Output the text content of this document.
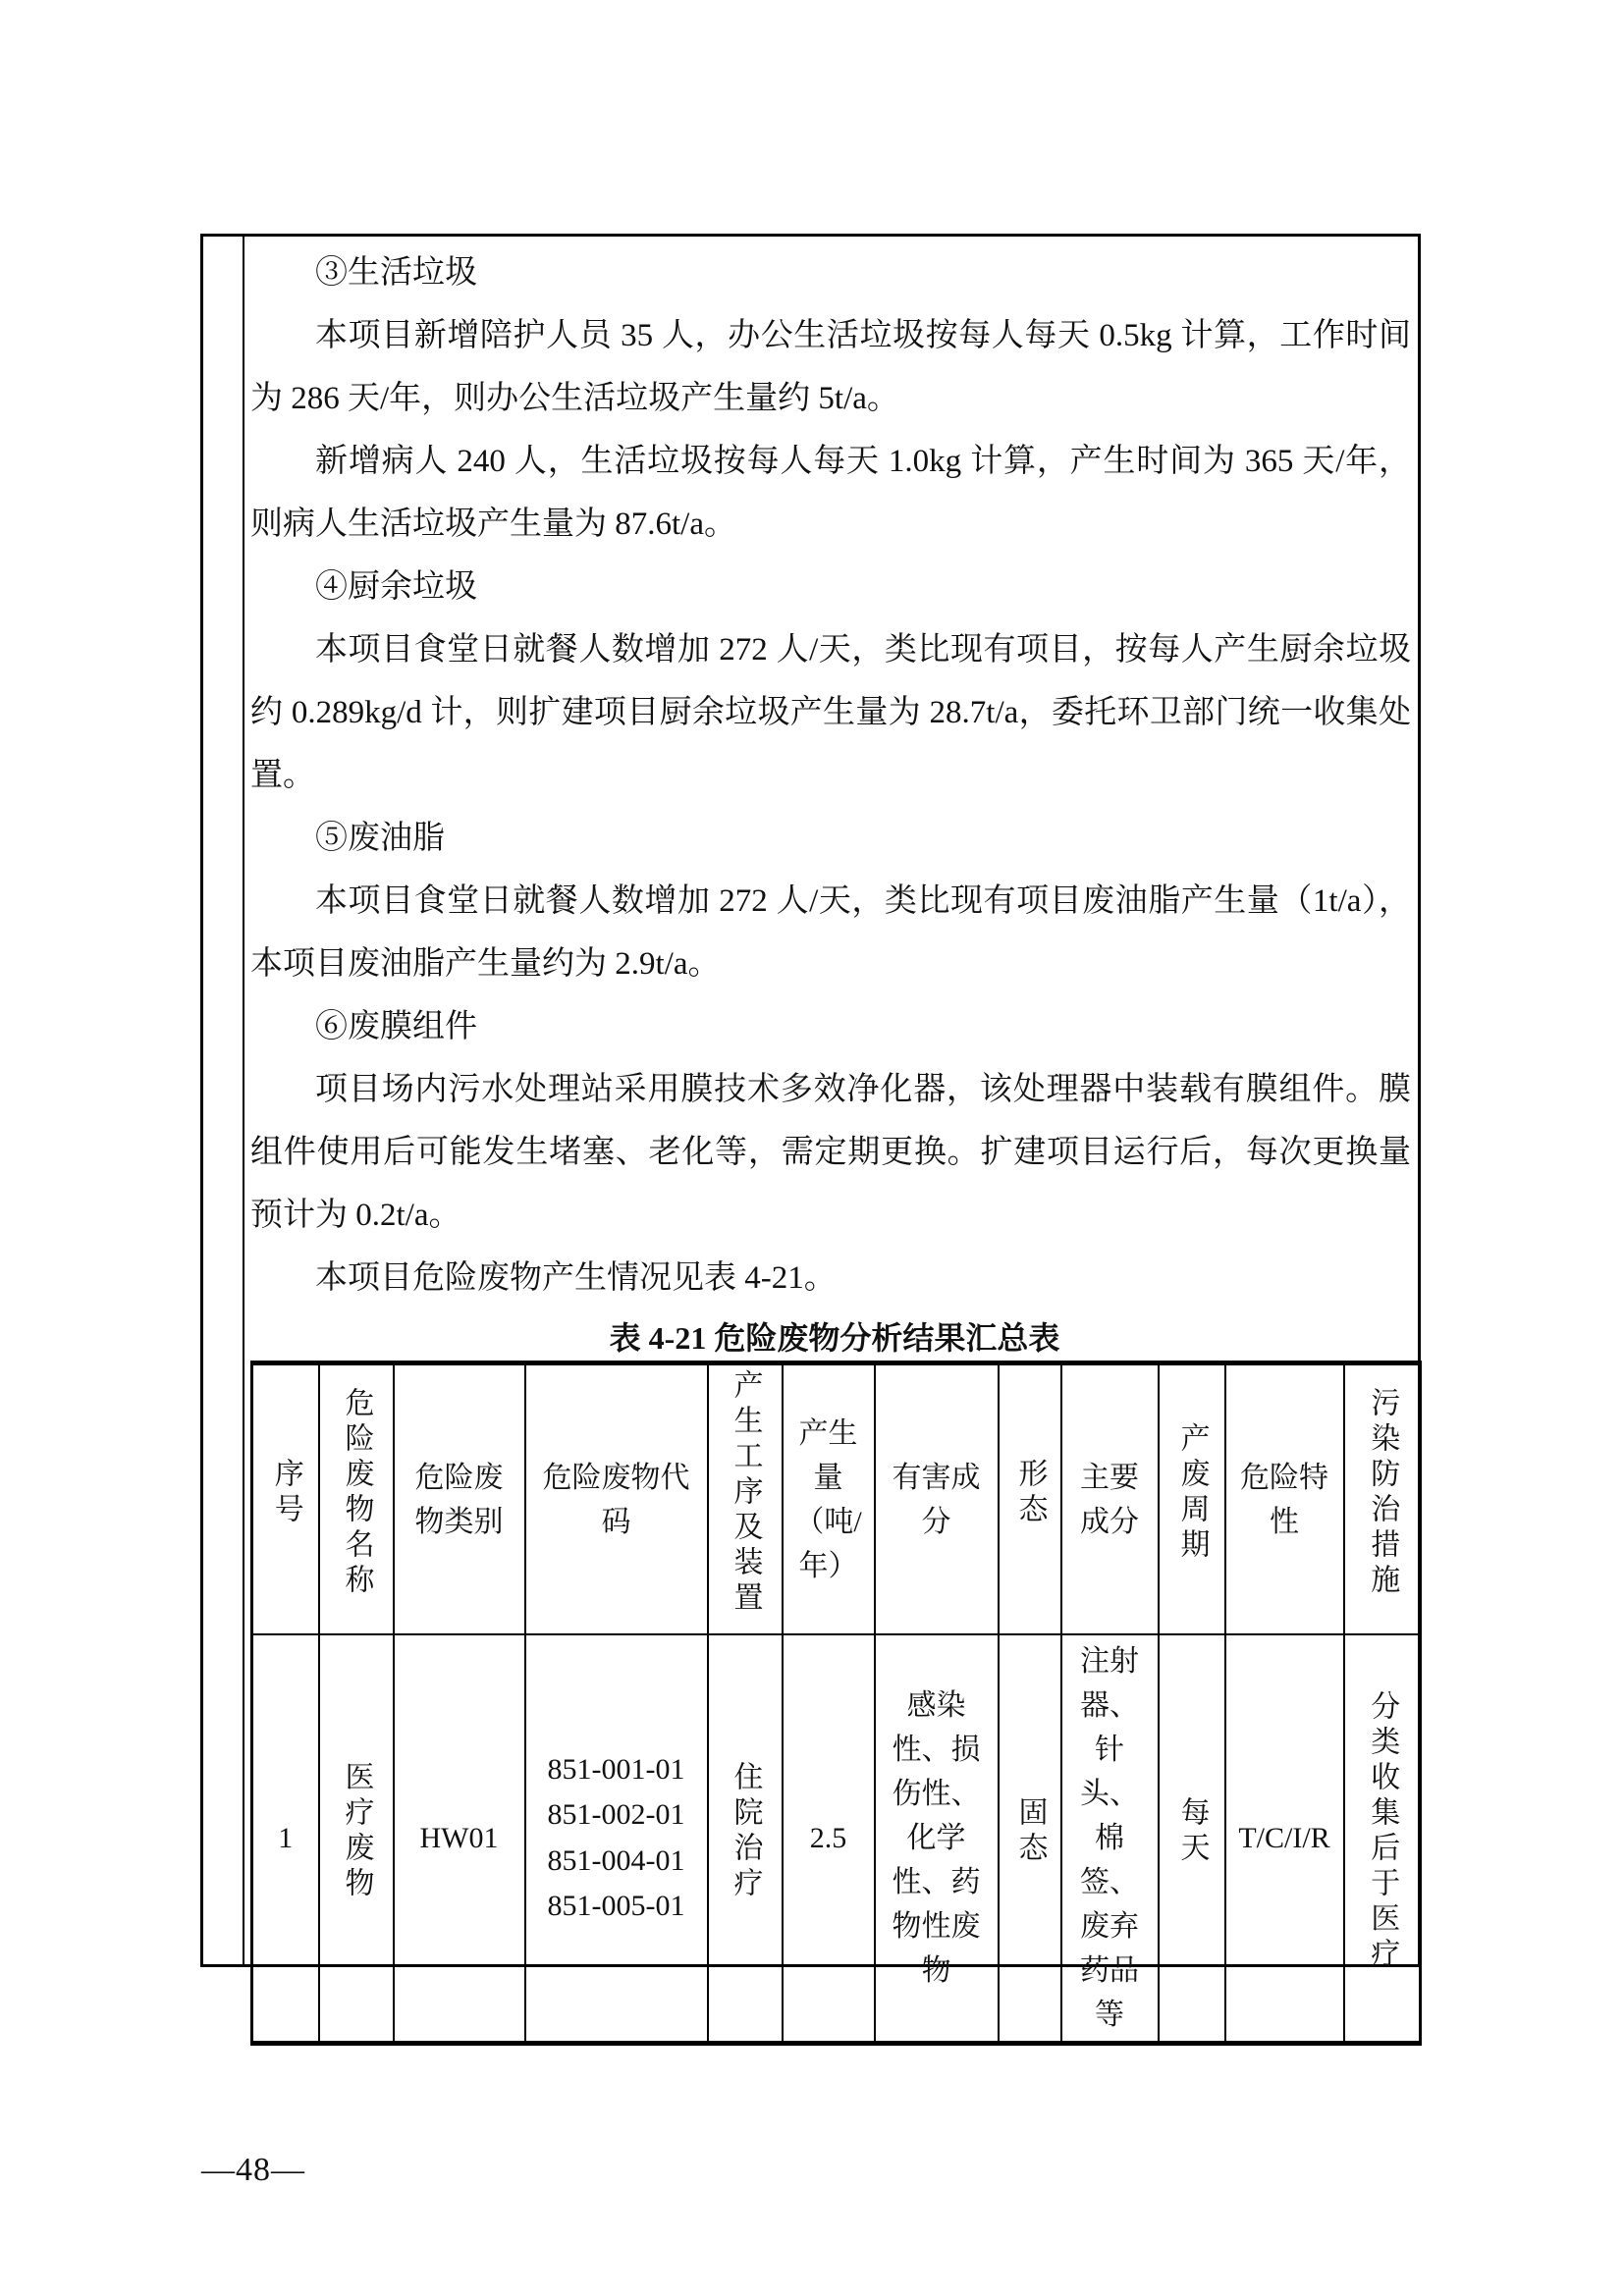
③生活垃圾

本项目新增陪护人员 35 人，办公生活垃圾按每人每天 0.5kg 计算，工作时间为 286 天/年，则办公生活垃圾产生量约 5t/a。

新增病人 240 人，生活垃圾按每人每天 1.0kg 计算，产生时间为 365 天/年，则病人生活垃圾产生量为 87.6t/a。

④厨余垃圾

本项目食堂日就餐人数增加 272 人/天，类比现有项目，按每人产生厨余垃圾约 0.289kg/d 计，则扩建项目厨余垃圾产生量为 28.7t/a，委托环卫部门统一收集处置。

⑤废油脂

本项目食堂日就餐人数增加 272 人/天，类比现有项目废油脂产生量（1t/a），本项目废油脂产生量约为 2.9t/a。

⑥废膜组件

项目场内污水处理站采用膜技术多效净化器，该处理器中装载有膜组件。膜组件使用后可能发生堵塞、老化等，需定期更换。扩建项目运行后，每次更换量预计为 0.2t/a。

本项目危险废物产生情况见表 4-21。

表 4-21 危险废物分析结果汇总表
序号	危险废物名称	危险废物类别	危险废物代码	产生工序及装置	产生量（吨/年）	有害成分	形态	主要成分	产废周期	危险特性	污染防治措施
1	医疗废物	HW01	851-001-01
851-002-01
851-004-01
851-005-01	住院治疗	2.5	感染性、损伤性、化学性、药物性废物	固态	注射器、针头、棉签、废弃药品等	每天	T/C/I/R	分类收集后于医疗
—48—
